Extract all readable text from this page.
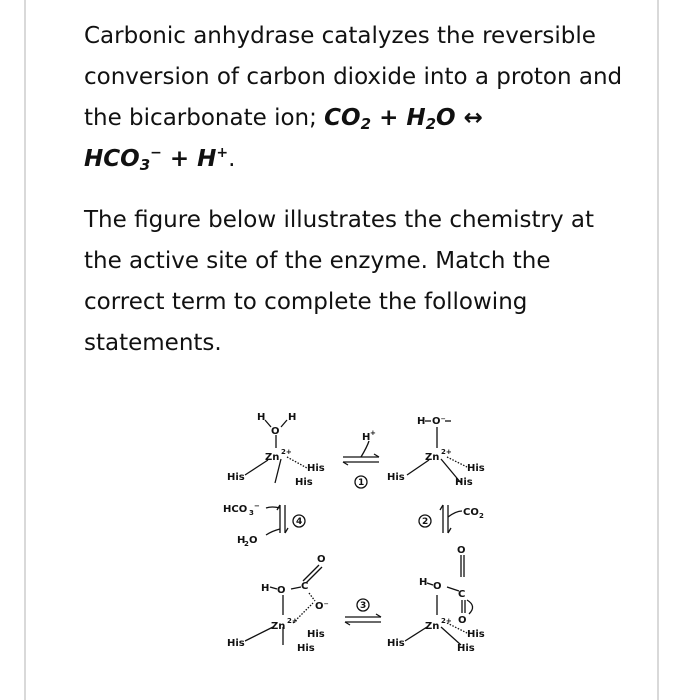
Carbonic anhydrase catalyzes the reversible conversion of carbon dioxide into a proton and the bicarbonate ion; $CO_2 + H_2O$ ↔
$HCO_3^- + H^+$.

The figure below illustrates the chemistry at the active site of the enzyme. Match the correct term to complete the following statements.

H H
O
Zn 2+
His
His
His
H O⁻
Zn 2+
His
His
His
H +
HCO 3
−
H
2 O
CO 2
H O C
O
O⁻
Zn 2+
His
His
His
H O
O
C
O
Zn 2+
His
His
His
1
2
3
4
